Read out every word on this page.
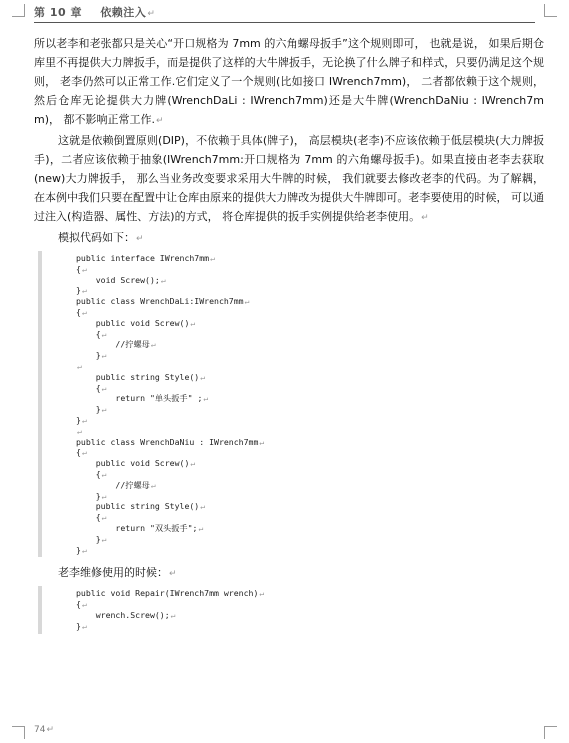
第 10 章 依赖注入↵

所以老李和老张都只是关心“开口规格为 7mm 的六角螺母扳手”这个规则即可， 也就是说， 如果后期仓库里不再提供大力牌扳手，而是提供了这样的大牛牌扳手，无论换了什么牌子和样式，只要仍满足这个规则， 老李仍然可以正常工作.它们定义了一个规则(比如接口 IWrench7mm)， 二者都依赖于这个规则， 然后仓库无论提供大力牌(WrenchDaLi : IWrench7mm)还是大牛牌(WrenchDaNiu : IWrench7mm)， 都不影响正常工作.↵

这就是依赖倒置原则(DIP)，不依赖于具体(牌子)， 高层模块(老李)不应该依赖于低层模块(大力牌扳手)，二者应该依赖于抽象(IWrench7mm:开口规格为 7mm 的六角螺母扳手)。如果直接由老李去获取(new)大力牌扳手， 那么当业务改变要求采用大牛牌的时候， 我们就要去修改老李的代码。为了解耦，在本例中我们只要在配置中让仓库由原来的提供大力牌改为提供大牛牌即可。老李要使用的时候， 可以通过注入(构造器、属性、方法)的方式， 将仓库提供的扳手实例提供给老李使用。↵

模拟代码如下：↵

public interface IWrench7mm↵
{↵
void Screw();↵
}↵
public class WrenchDaLi:IWrench7mm↵
{↵
public void Screw()↵
{↵
//拧螺母↵
}↵
↵
public string Style()↵
{↵
return "单头扳手" ;↵
}↵
}↵
↵
public class WrenchDaNiu : IWrench7mm↵
{↵
public void Screw()↵
{↵
//拧螺母↵
}↵
public string Style()↵
{↵
return "双头扳手";↵
}↵
}↵

老李维修使用的时候：↵

public void Repair(IWrench7mm wrench)↵
{↵
wrench.Screw();↵
}↵
74↵
